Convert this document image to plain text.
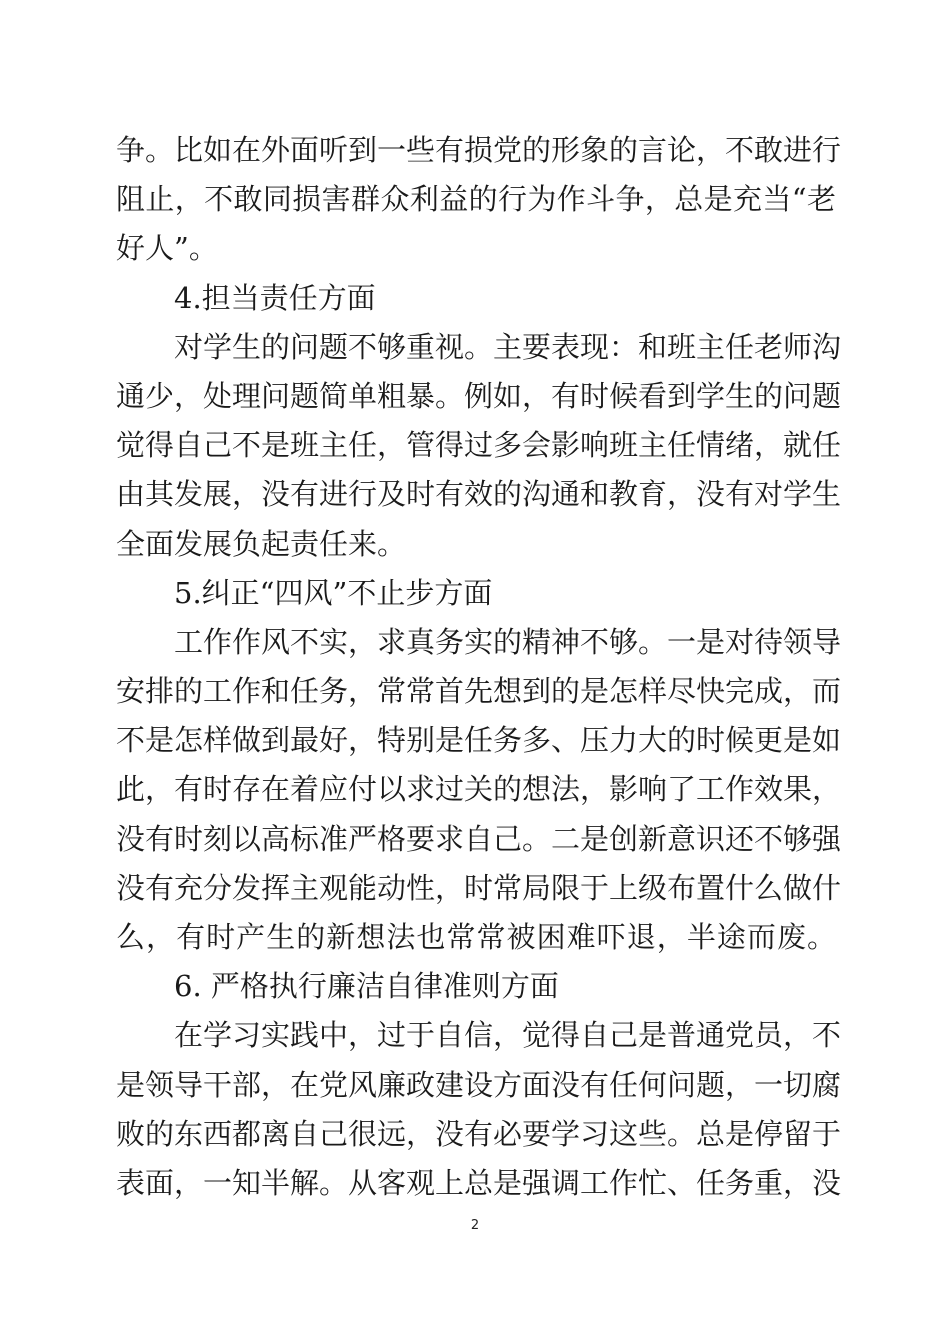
争。比如在外面听到一些有损党的形象的言论，不敢进行
阻止，不敢同损害群众利益的行为作斗争，总是充当“老
好人”。
4.担当责任方面
对学生的问题不够重视。主要表现：和班主任老师沟
通少，处理问题简单粗暴。例如，有时候看到学生的问题
觉得自己不是班主任，管得过多会影响班主任情绪，就任
由其发展，没有进行及时有效的沟通和教育，没有对学生
全面发展负起责任来。
5.纠正“四风”不止步方面
工作作风不实，求真务实的精神不够。一是对待领导
安排的工作和任务，常常首先想到的是怎样尽快完成，而
不是怎样做到最好，特别是任务多、压力大的时候更是如
此，有时存在着应付以求过关的想法，影响了工作效果，
没有时刻以高标准严格要求自己。二是创新意识还不够强
没有充分发挥主观能动性，时常局限于上级布置什么做什
么，有时产生的新想法也常常被困难吓退，半途而废。
6. 严格执行廉洁自律准则方面
在学习实践中，过于自信，觉得自己是普通党员，不
是领导干部，在党风廉政建设方面没有任何问题，一切腐
败的东西都离自己很远，没有必要学习这些。总是停留于
表面，一知半解。从客观上总是强调工作忙、任务重，没
2
